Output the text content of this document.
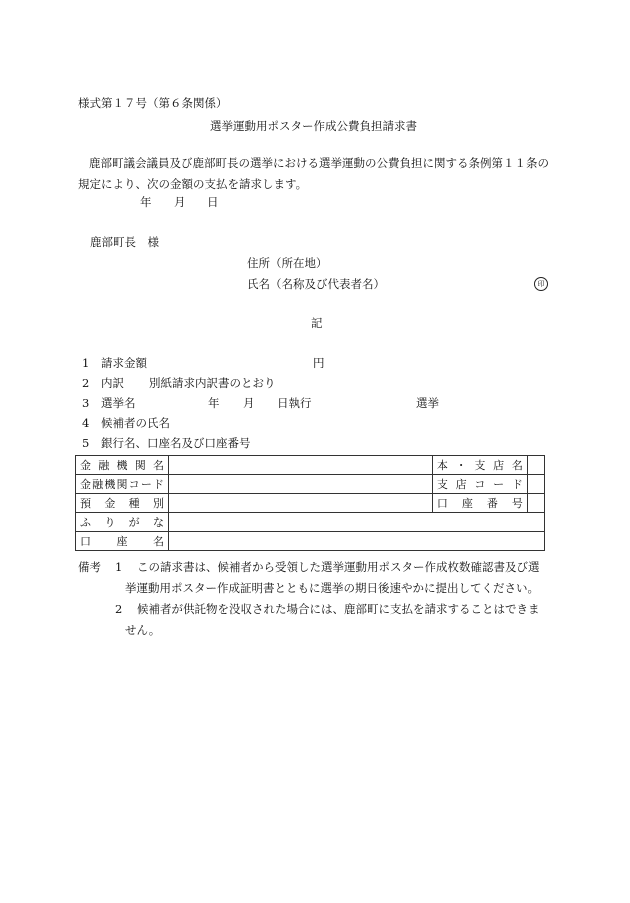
様式第１７号（第６条関係）
選挙運動用ポスター作成公費負担請求書
鹿部町議会議員及び鹿部町長の選挙における選挙運動の公費負担に関する条例第１１条の規定により、次の金額の支払を請求します。
年 月 日
鹿部町長　様
住所（所在地）
氏名（名称及び代表者名）	印
記
1 請求金額	円
2 内訳 別紙請求内訳書のとおり
3 選挙名	年 月 日執行	選挙
4 候補者の氏名
5 銀行名、口座名及び口座番号
金融機関名		本・支店名	
金融機関コード		支店コード	
預金種別		口座番号	
ふりがな			
口座名			
備考 1	この請求書は、候補者から受領した選挙運動用ポスター作成枚数確認書及び選挙運動用ポスター作成証明書とともに選挙の期日後速やかに提出してください。
2	候補者が供託物を没収された場合には、鹿部町に支払を請求することはできません。
